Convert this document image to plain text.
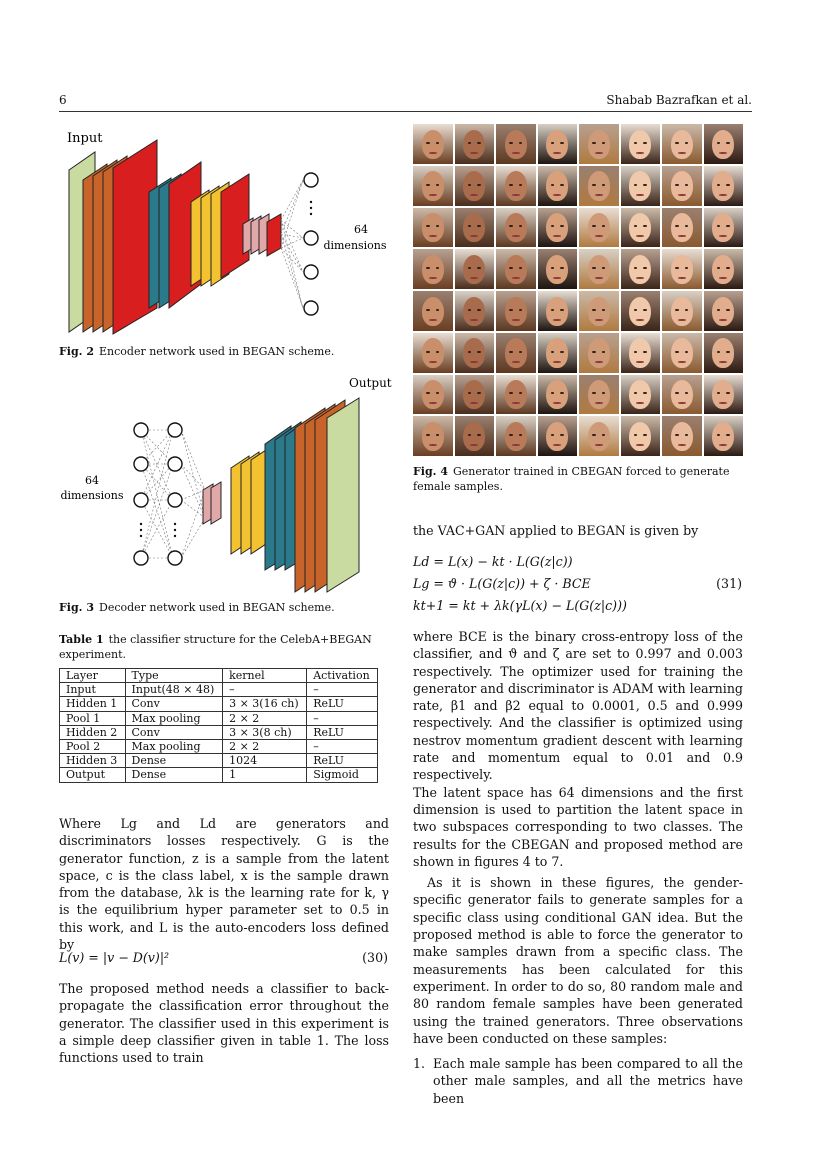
6	Shabab Bazrafkan et al.
Input
64
dimensions
Fig. 2 Encoder network used in BEGAN scheme.
Output
64
dimensions
Fig. 3 Decoder network used in BEGAN scheme.
Table 1 the classifier structure for the CelebA+BEGAN experiment.
Layer	Type	kernel	Activation
Input	Input(48 × 48)	–	–
Hidden 1	Conv	3 × 3(16 ch)	ReLU
Pool 1	Max pooling	2 × 2	–
Hidden 2	Conv	3 × 3(8 ch)	ReLU
Pool 2	Max pooling	2 × 2	–
Hidden 3	Dense	1024	ReLU
Output	Dense	1	Sigmoid
Where Lg and Ld are generators and discriminators losses respectively. G is the generator function, z is a sample from the latent space, c is the class label, x is the sample drawn from the database, λk is the learning rate for k, γ is the equilibrium hyper parameter set to 0.5 in this work, and L is the auto-encoders loss defined by
L(v) = |v − D(v)|²	(30)
The proposed method needs a classifier to back-propagate the classification error throughout the generator. The classifier used in this experiment is a simple deep classifier given in table 1. The loss functions used to train
Fig. 4 Generator trained in CBEGAN forced to generate female samples.
the VAC+GAN applied to BEGAN is given by
Ld = L(x) − kt · L(G(z|c))
Lg = ϑ · L(G(z|c)) + ζ · BCE	(31)
kt+1 = kt + λk(γL(x) − L(G(z|c)))

where BCE is the binary cross-entropy loss of the classifier, and ϑ and ζ are set to 0.997 and 0.003 respectively. The optimizer used for training the generator and discriminator is ADAM with learning rate, β1 and β2 equal to 0.0001, 0.5 and 0.999 respectively. And the classifier is optimized using nestrov momentum gradient descent with learning rate and momentum equal to 0.01 and 0.9 respectively.

The latent space has 64 dimensions and the first dimension is used to partition the latent space in two subspaces corresponding to two classes. The results for the CBEGAN and proposed method are shown in figures 4 to 7.

As it is shown in these figures, the gender-specific generator fails to generate samples for a specific class using conditional GAN idea. But the proposed method is able to force the generator to make samples drawn from a specific class. The measurements has been calculated for this experiment. In order to do so, 80 random male and 80 random female samples have been generated using the trained generators. Three observations have been conducted on these samples:

1. Each male sample has been compared to all the other male samples, and all the metrics have been
